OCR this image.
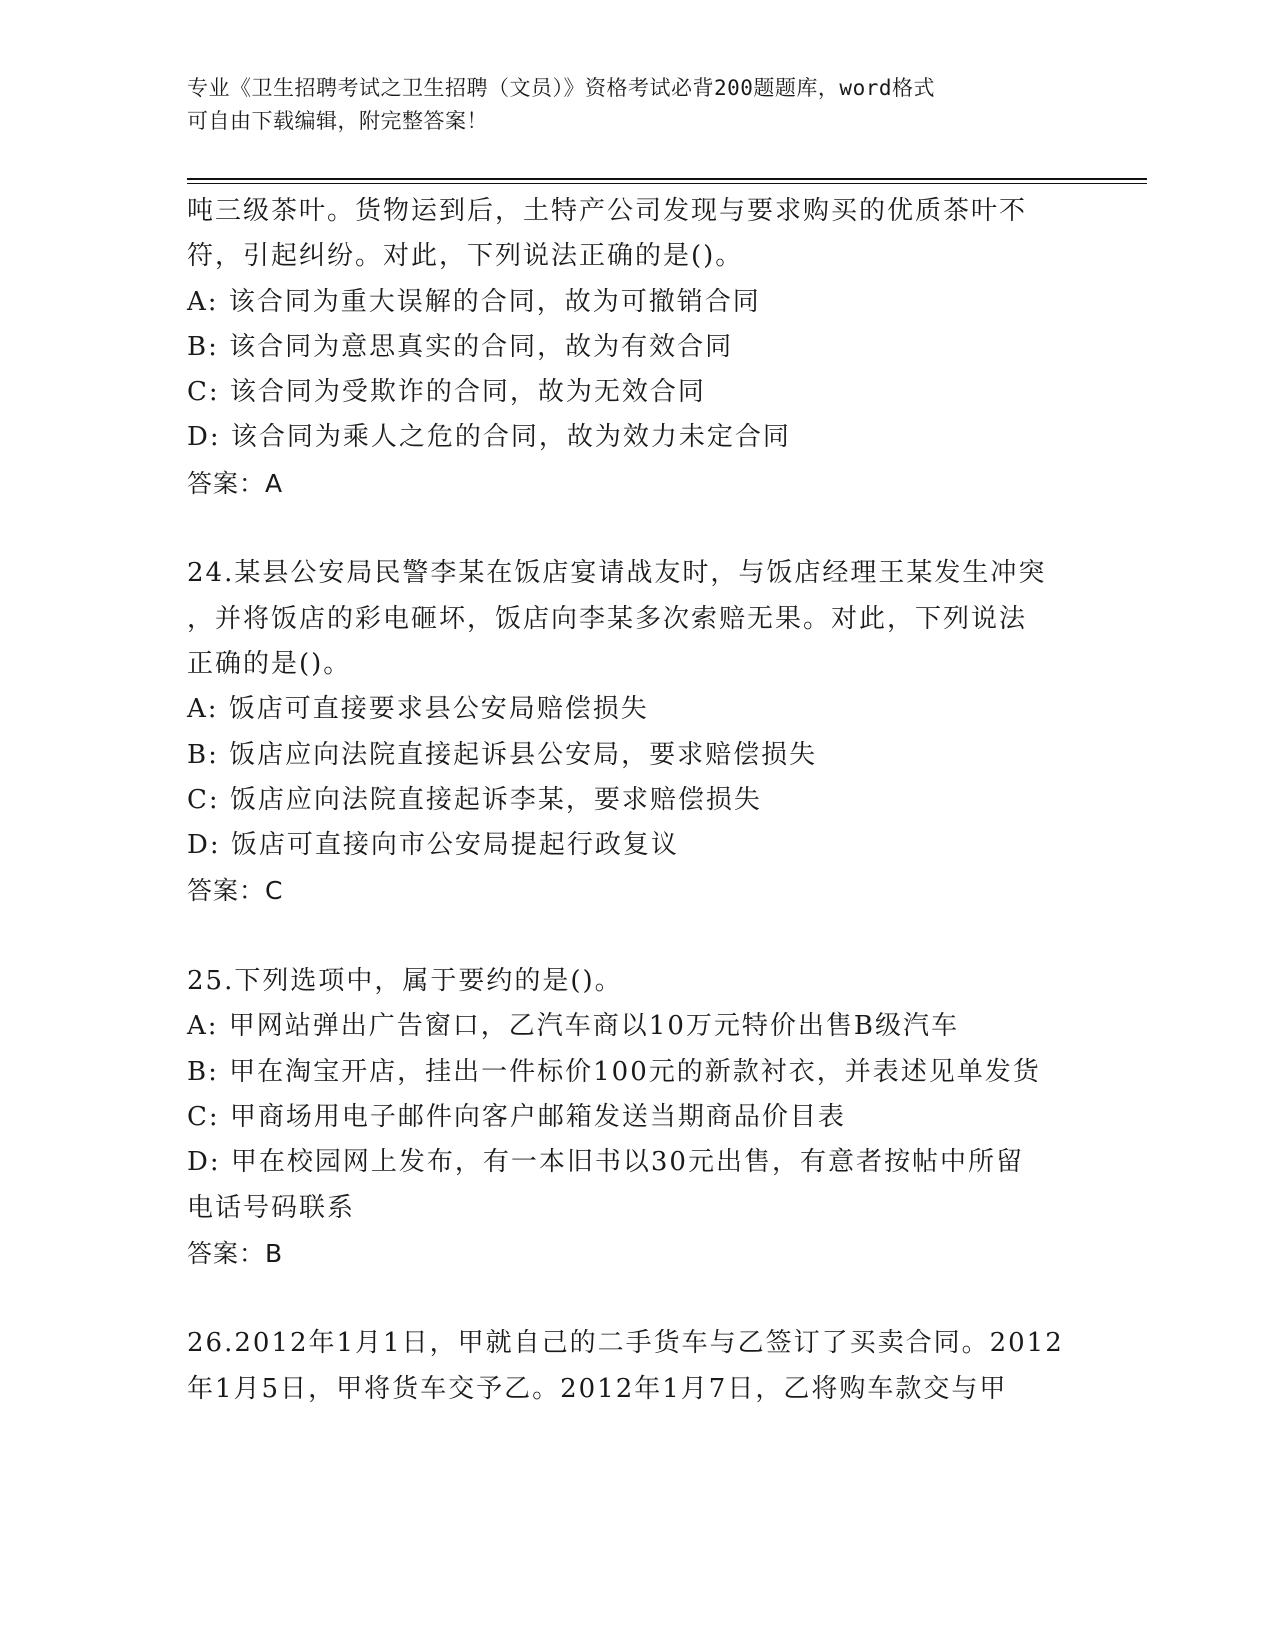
专业《卫生招聘考试之卫生招聘（文员）》资格考试必背200题题库，word格式
可自由下载编辑，附完整答案！
吨三级茶叶。货物运到后，土特产公司发现与要求购买的优质茶叶不
符，引起纠纷。对此，下列说法正确的是()。
A: 该合同为重大误解的合同，故为可撤销合同
B: 该合同为意思真实的合同，故为有效合同
C: 该合同为受欺诈的合同，故为无效合同
D: 该合同为乘人之危的合同，故为效力未定合同
答案：A
24.某县公安局民警李某在饭店宴请战友时，与饭店经理王某发生冲突
，并将饭店的彩电砸坏，饭店向李某多次索赔无果。对此，下列说法
正确的是()。
A: 饭店可直接要求县公安局赔偿损失
B: 饭店应向法院直接起诉县公安局，要求赔偿损失
C: 饭店应向法院直接起诉李某，要求赔偿损失
D: 饭店可直接向市公安局提起行政复议
答案：C
25.下列选项中，属于要约的是()。
A: 甲网站弹出广告窗口，乙汽车商以10万元特价出售B级汽车
B: 甲在淘宝开店，挂出一件标价100元的新款衬衣，并表述见单发货
C: 甲商场用电子邮件向客户邮箱发送当期商品价目表
D: 甲在校园网上发布，有一本旧书以30元出售，有意者按帖中所留
电话号码联系
答案：B
26.2012年1月1日，甲就自己的二手货车与乙签订了买卖合同。2012
年1月5日，甲将货车交予乙。2012年1月7日，乙将购车款交与甲
